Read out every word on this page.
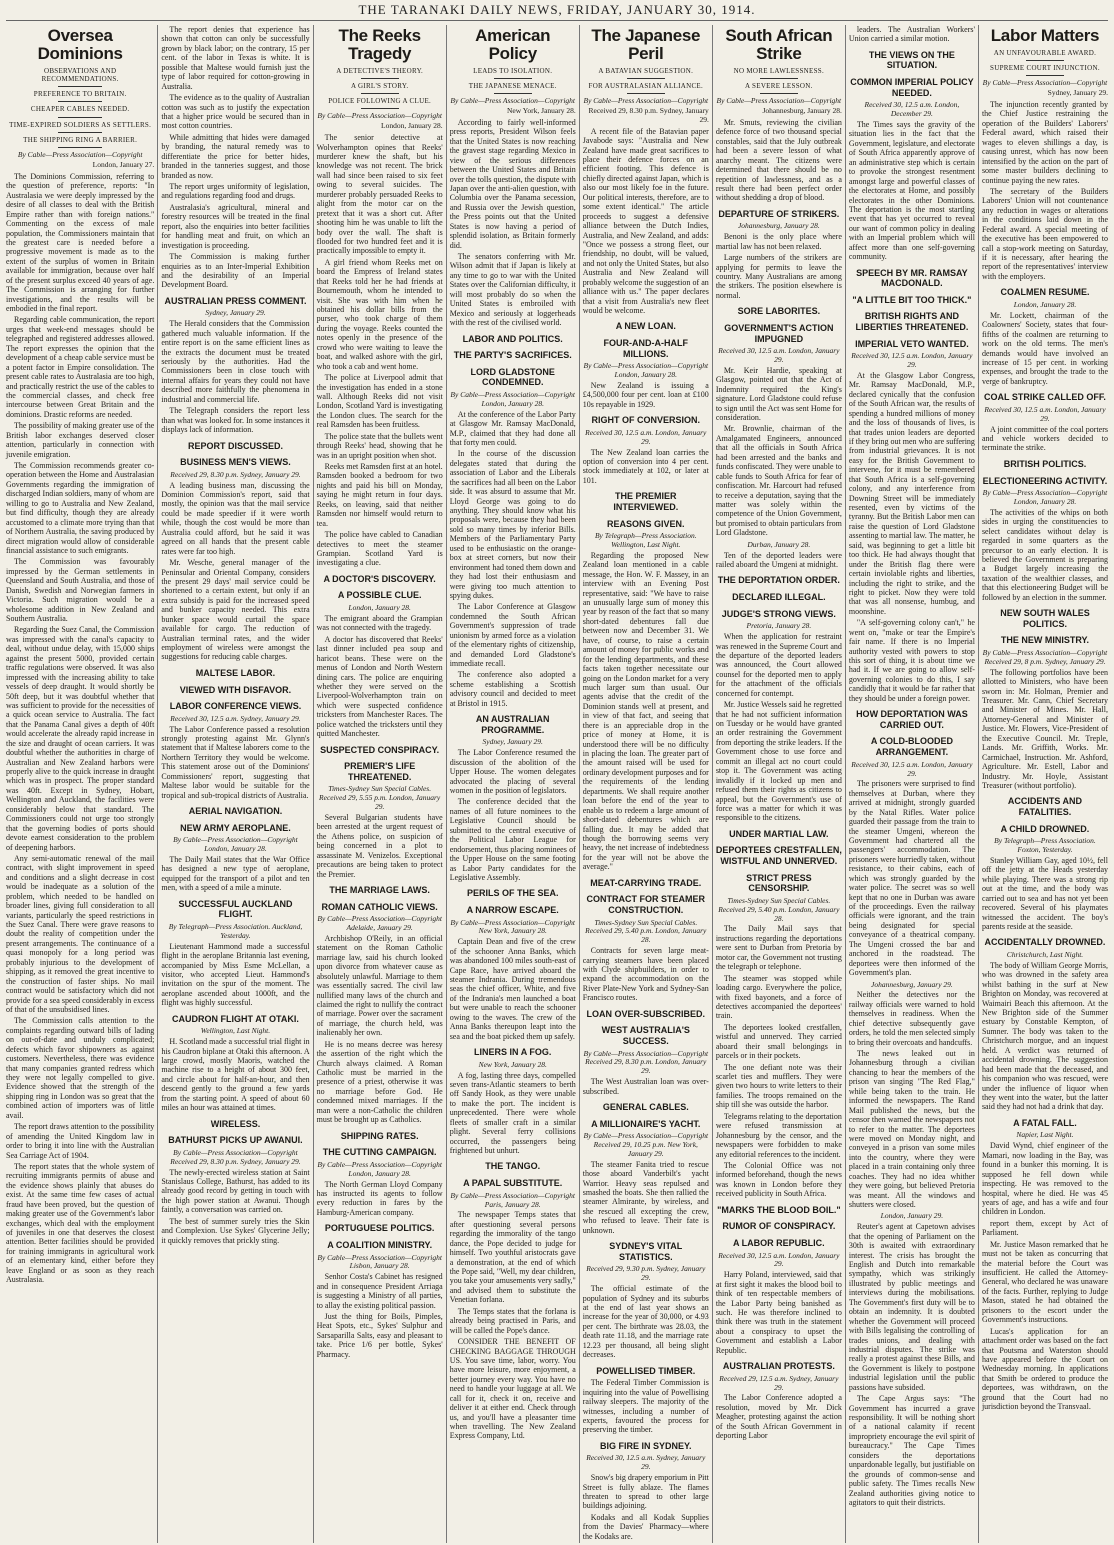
THE TARANAKI DAILY NEWS, FRIDAY, JANUARY 30, 1914.
Oversea Dominions
OBSERVATIONS AND RECOMMENDATIONS.
PREFERENCE TO BRITAIN.
CHEAPER CABLES NEEDED.
TIME-EXPIRED SOLDIERS AS SETTLERS.
THE SHIPPING RING A BARRIER.
By Cable—Press Association—Copyright
London, January 27.

The Dominions Commission, referring to the question of preference, reports: "In Australasia we were deeply impressed by the desire of all classes to deal with the British Empire rather than with foreign nations." Commenting on the excess of male population, the Commissioners maintain that the greatest care is needed before a progressive movement is made as to the extent of the surplus of women in Britain available for immigration, because over half of the present surplus exceed 40 years of age. The Commission is arranging for further investigations, and the results will be embodied in the final report.

Regarding cable communication, the report urges that week-end messages should be telegraphed and registered addresses allowed. The report expresses the opinion that the development of a cheap cable service must be a potent factor in Empire consolidation. The present cable rates to Australasia are too high, and practically restrict the use of the cables to the commercial classes, and check free intercourse between Great Britain and the dominions. Drastic reforms are needed.

The possibility of making greater use of the British labor exchanges deserved closer attention, particularly in connection with juvenile emigration.

The Commission recommends greater co-operation between the Home and Australasian Governments regarding the immigration of discharged Indian soldiers, many of whom are willing to go to Australia and New Zealand, but find difficulty, though they are already accustomed to a climate more trying than that of Northern Australia, the saving produced by direct migration would allow of considerable financial assistance to such emigrants.

The Commission was favourably impressed by the German settlements in Queensland and South Australia, and those of Danish, Swedish and Norwegian farmers in Victoria. Such migration would be a wholesome addition in New Zealand and Southern Australia.

Regarding the Suez Canal, the Commission was impressed with the canal's capacity to deal, without undue delay, with 15,000 ships against the present 5000, provided certain traffic regulations were observed. It was also impressed with the increasing ability to take vessels of deep draught. It would shortly be 50ft deep, but it was doubtful whether that was sufficient to provide for the necessities of a quick ocean service to Australia. The fact that the Panama Canal gives a depth of 40ft would accelerate the already rapid increase in the size and draught of ocean carriers. It was doubtful whether the authorities in charge of Australian and New Zealand harbors were properly alive to the quick increase in draught which was in prospect. The proper standard was 40ft. Except in Sydney, Hobart, Wellington and Auckland, the facilities were considerably below that standard. The Commissioners could not urge too strongly that the governing bodies of ports should devote earnest consideration to the problem of deepening harbors.

Any semi-automatic renewal of the mail contract, with slight improvement in speed and conditions and a slight decrease in cost would be inadequate as a solution of the problem, which needed to be handled on broader lines, giving full consideration to all variants, particularly the speed restrictions in the Suez Canal. There were grave reasons to doubt the reality of competition under the present arrangements. The continuance of a quasi monopoly for a long period was probably injurious to the development of shipping, as it removed the great incentive to the construction of faster ships. No mail contract would be satisfactory which did not provide for a sea speed considerably in excess of that of the unsubsidised lines.

The Commission calls attention to the complaints regarding outward bills of lading on out-of-date and unduly complicated; defects which favor shipowners as against customers. Nevertheless, there was evidence that many companies granted redress which they were not legally compelled to give. Evidence showed that the strength of the shipping ring in London was so great that the combined action of importers was of little avail.

The report draws attention to the possibility of amending the United Kingdom law in order to bring it into line with the Australian Sea Carriage Act of 1904.

The report states that the whole system of recruiting immigrants permits of abuse and the evidence shows plainly that abuses do exist. At the same time few cases of actual fraud have been proved, but the question of making greater use of the Government's labor exchanges, which deal with the employment of juveniles in one that deserves the closest attention. Better facilities should be provided for training immigrants in agricultural work of an elementary kind, either before they leave England or as soon as they reach Australasia.

The report denies that experience has shown that cotton can only be successfully grown by black labor; on the contrary, 15 per cent. of the labor in Texas is white. It is possible that Maltese would furnish just the type of labor required for cotton-growing in Australia.

The evidence as to the quality of Australian cotton was such as to justify the expectation that a higher price would be secured than in most cotton countries.

While admitting that hides were damaged by branding, the natural remedy was to differentiate the price for better hides, branded in the tanneries suggest, and those branded as now.

The report urges uniformity of legislation, and regulations regarding food and drugs.

Australasia's agricultural, mineral and forestry resources will be treated in the final report, also the enquiries into better facilities for handling meat and fruit, on which an investigation is proceeding.

The Commission is making further enquiries as to an Inter-Imperial Exhibition and the desirability of an Imperial Development Board.

AUSTRALIAN PRESS COMMENT.
Sydney, January 29.

The Herald considers that the Commission gathered much valuable information. If the entire report is on the same efficient lines as the extracts the document must be treated seriously by the authorities. Had the Commissioners been in close touch with internal affairs for years they could not have described more faithfully the phenomena in industrial and commercial life.

The Telegraph considers the report less than what was looked for. In some instances it displays lack of information.

REPORT DISCUSSED.
BUSINESS MEN'S VIEWS.
Received 29, 8.30 p.m. Sydney, January 29.

A leading business man, discussing the Dominion Commission's report, said that mostly, the opinion was that the mail service could be made speedier if it were worth while, though the cost would be more than Australia could afford, but he said it was agreed on all hands that the present cable rates were far too high.

Mr. Wesche, general manager of the Peninsular and Oriental Company, considers the present 29 days' mail service could be shortened to a certain extent, but only if an extra subsidy is paid for the increased speed and bunker capacity needed. This extra bunker space would curtail the space available for cargo. The reduction of Australian terminal rates, and the wider employment of wireless were amongst the suggestions for reducing cable charges.

MALTESE LABOR.
VIEWED WITH DISFAVOR.
LABOR CONFERENCE VIEWS.
Received 30, 12.5 a.m. Sydney, January 29.

The Labor Conference passed a resolution strongly protesting against Mr. Glynn's statement that if Maltese laborers come to the Northern Territory they would be welcome. This statement arose out of the Dominions' Commissioners' report, suggesting that Maltese labor would be suitable for the tropical and sub-tropical districts of Australia.

AERIAL NAVIGATION.
NEW ARMY AEROPLANE.
By Cable—Press Association—Copyright London, January 28.

The Daily Mail states that the War Office has designed a new type of aeroplane, equipped for the transport of a pilot and ten men, with a speed of a mile a minute.

SUCCESSFUL AUCKLAND FLIGHT.
By Telegraph—Press Association. Auckland, Yesterday.

Lieutenant Hammond made a successful flight in the aeroplane Britannia last evening, accompanied by Miss Esme McLellan, a visitor, who accepted Lieut. Hammond's invitation on the spur of the moment. The aeroplane ascended about 1000ft, and the flight was highly successful.

CAUDRON FLIGHT AT OTAKI.
Wellington, Last Night.

H. Scotland made a successful trial flight in his Caudron biplane at Otaki this afternoon. A large crowd, mostly Maoris, watched the machine rise to a height of about 300 feet, and circle about for half-an-hour, and then descend gently to the ground a few yards from the starting point. A speed of about 60 miles an hour was attained at times.

WIRELESS.
BATHURST PICKS UP AWANUI.
By Cable—Press Association—Copyright Received 29, 8.30 p.m. Sydney, January 29.

The newly-erected wireless station at Saint Stanislaus College, Bathurst, has added to its already good record by getting in touch with the high power station at Awanui. Though faintly, a conversation was carried on.

The best of summer surely tries the Skin and Complexion. Use Sykes' Glycerine Jelly; it quickly removes that prickly sting.

The Reeks Tragedy
A DETECTIVE'S THEORY.
A GIRL'S STORY.
POLICE FOLLOWING A CLUE.
By Cable—Press Association—Copyright
London, January 28.

The senior detective at Wolverhampton opines that Reeks' murderer knew the shaft, but his knowledge was not recent. The brick wall had since been raised to six feet owing to several suicides. The murderer probably persuaded Reeks to alight from the motor car on the pretext that it was a short cut. After shooting him he was unable to lift the body over the wall. The shaft is flooded for two hundred feet and it is practically impossible to empty it.

A girl friend whom Reeks met on board the Empress of Ireland states that Reeks told her he had friends at Bournemouth, whom he intended to visit. She was with him when he obtained his dollar bills from the purser, who took charge of them during the voyage. Reeks counted the notes openly in the presence of the crowd who were waiting to leave the boat, and walked ashore with the girl, who took a cab and went home.

The police at Liverpool admit that the investigation has ended in a stone wall. Although Reeks did not visit London, Scotland Yard is investigating the London clues. The search for the real Ramsden has been fruitless.

The police state that the bullets went through Reeks' head, showing that he was in an upright position when shot.

Reeks met Ramsden first at an hotel. Ramsden booked a bedroom for two nights and paid his bill on Monday, saying he might return in four days. Reeks, on leaving, said that neither Ramsden nor himself would return to tea.

The police have cabled to Canadian detectives to meet the steamer Grampian. Scotland Yard is investigating a clue.

A DOCTOR'S DISCOVERY.
A POSSIBLE CLUE.
London, January 28.

The emigrant aboard the Grampian was not connected with the tragedy.

A doctor has discovered that Reeks' last dinner included pea soup and haricot beans. These were on the menus of London and North Western dining cars. The police are enquiring whether they were served on the Liverpool-Wolverhampton train on which were suspected confidence tricksters from Manchester Races. The police watched the tricksters until they quitted Manchester.

SUSPECTED CONSPIRACY.
PREMIER'S LIFE THREATENED.
Times-Sydney Sun Special Cables. Received 29, 5.55 p.m. London, January 29.

Several Bulgarian students have been arrested at the urgent request of the Athens police, on suspicion of being concerned in a plot to assassinate M. Venizelos. Exceptional precautions are being taken to protect the Premier.

THE MARRIAGE LAWS.
ROMAN CATHOLIC VIEWS.
By Cable—Press Association—Copyright Adelaide, January 29.

Archbishop O'Reily, in an official statement on the Roman Catholic marriage law, said his church looked upon divorce from whatever cause as absolutely unlawful. Marriage to them was essentially sacred. The civil law nullified many laws of the church and claimed the right to nullify the contract of marriage. Power over the sacrament of marriage, the church held, was inalienably her own.

He is no means decree was heresy the assertion of the right which the Church always claimed. A Roman Catholic must be married in the presence of a priest, otherwise it was no marriage before God. He condemned mixed marriages. If the man were a non-Catholic the children must be brought up as Catholics.

SHIPPING RATES.
THE CUTTING CAMPAIGN.
By Cable—Press Association—Copyright London, January 28.

The North German Lloyd Company has instructed its agents to follow every reduction in fares by the Hamburg-American company.

PORTUGUESE POLITICS.
A COALITION MINISTRY.
By Cable—Press Association—Copyright Lisbon, January 28.

Senhor Costa's Cabinet has resigned and in consequence President Arriaga is suggesting a Ministry of all parties, to allay the existing political passion.

Just the thing for Boils, Pimples, Heat Spots, etc., Sykes' Sulphur and Sarsaparilla Salts, easy and pleasant to take. Price 1/6 per bottle, Sykes' Pharmacy.

American Policy
LEADS TO ISOLATION.
THE JAPANESE MENACE.
By Cable—Press Association—Copyright
New York, January 28.

According to fairly well-informed press reports, President Wilson feels that the United States is now reaching the gravest stage regarding Mexico in view of the serious differences between the United States and Britain over the tolls question, the dispute with Japan over the anti-alien question, with Columbia over the Panama secession, and Russia over the Jewish question, the Press points out that the United States is now having a period of splendid isolation, as Britain formerly did.

The senators conferring with Mr. Wilson admit that if Japan is likely at any time to go to war with the United States over the Californian difficulty, it will most probably do so when the United States is embroiled with Mexico and seriously at loggerheads with the rest of the civilised world.

LABOR AND POLITICS.
THE PARTY'S SACRIFICES.
LORD GLADSTONE CONDEMNED.
By Cable—Press Association—Copyright London, January 28.

At the conference of the Labor Party at Glasgow Mr. Ramsay MacDonald, M.P., claimed that they had done all that forty men could.

In the course of the discussion delegates stated that during the association of Labor and the Liberals the sacrifices had all been on the Labor side. It was absurd to assume that Mr. Lloyd George was going to do anything. They should know what his proposals were, because they had been sold so many times by inferior Bills. Members of the Parliamentary Party used to be enthusiastic on the orange-box at street corners, but now their environment had toned them down and they had lost their enthusiasm and were giving too much attention to spying dukes.

The Labor Conference at Glasgow condemned the South African Government's suppression of trade unionism by armed force as a violation of the elementary rights of citizenship, and demanded Lord Gladstone's immediate recall.

The conference also adopted a scheme establishing a Scottish advisory council and decided to meet at Bristol in 1915.

AN AUSTRALIAN PROGRAMME.
Sydney, January 29.

The Labor Conference resumed the discussion of the abolition of the Upper House. The women delegates advocated the placing of several women in the position of legislators.

The conference decided that the names of all future nominees to the Legislative Council should be submitted to the central executive of the Political Labor League for endorsement, thus placing nominees of the Upper House on the same footing as Labor Party candidates for the Legislative Assembly.

PERILS OF THE SEA.
A NARROW ESCAPE.
By Cable—Press Association—Copyright New York, January 28.

Captain Dean and five of the crew of the schooner Anna Banks, which was abandoned 100 miles south-east of Cape Race, have arrived aboard the steamer Indrania. During tremendous seas the chief officer, White, and five of the Indrania's men launched a boat but were unable to reach the schooner owing to the waves. The crew of the Anna Banks thereupon leapt into the sea and the boat picked them up safely.

LINERS IN A FOG.
New York, January 28.

A fog, lasting three days, compelled seven trans-Atlantic steamers to berth off Sandy Hook, as they were unable to make the port. The incident is unprecedented. There were whole fleets of smaller craft in a similar plight. Several ferry collisions occurred, the passengers being frightened but unhurt.

THE TANGO.
A PAPAL SUBSTITUTE.
By Cable—Press Association—Copyright Paris, January 28.

The newspaper Temps states that after questioning several persons regarding the immorality of the tango dance, the Pope decided to judge for himself. Two youthful aristocrats gave a demonstration, at the end of which the Pope said, "Well, my dear children, you take your amusements very sadly," and advised them to substitute the Venetian forlana.

The Temps states that the forlana is already being practised in Paris, and will be called the Pope's dance.

CONSIDER THE BENEFIT OF CHECKING BAGGAGE THROUGH US. You save time, labor, worry. You have more leisure, more enjoyment, a better journey every way. You have no need to handle your luggage at all. We call for it, check it on, receive and deliver it at either end. Check through us, and you'll have a pleasanter time when travelling. The New Zealand Express Company, Ltd.

The Japanese Peril
A BATAVIAN SUGGESTION.
FOR AUSTRALASIAN ALLIANCE.
By Cable—Press Association—Copyright
Received 29, 8.30 p.m. Sydney, January 29.

A recent file of the Batavian paper Javabode says: "Australia and New Zealand have made great sacrifices to place their defence forces on an efficient footing. This defence is chiefly directed against Japan, which is also our most likely foe in the future. Our political interests, therefore, are to some extent identical." The article proceeds to suggest a defensive alliance between the Dutch Indies, Australia, and New Zealand, and adds: "Once we possess a strong fleet, our friendship, no doubt, will be valued, and not only the United States, but also Australia and New Zealand will probably welcome the suggestion of an alliance with us." The paper declares that a visit from Australia's new fleet would be welcome.

A NEW LOAN.
FOUR-AND-A-HALF MILLIONS.
By Cable—Press Association—Copyright London, January 28.

New Zealand is issuing a £4,500,000 four per cent. loan at £100 10s repayable in 1929.

RIGHT OF CONVERSION.
Received 30, 12.5 a.m. London, January 29.

The New Zealand loan carries the option of conversion into 4 per cent. stock immediately at 102, or later at 101.

THE PREMIER INTERVIEWED.
REASONS GIVEN.
By Telegraph—Press Association. Wellington, Last Night.

Regarding the proposed New Zealand loan mentioned in a cable message, the Hon. W. F. Massey, in an interview with an Evening Post representative, said: "We have to raise an unusually large sum of money this year by reason of the fact that so many short-dated debentures fall due between now and December 31. We have, of course, to raise a certain amount of money for public works and for the lending departments, and these facts taken together necessitate our going on the London market for a very much larger sum than usual. Our agents advise that the credit of the Dominion stands well at present, and in view of that fact, and seeing that there is an appreciable drop in the price of money at Home, it is understood there will be no difficulty in placing the loan. The greater part of the amount raised will be used for ordinary development purposes and for the requirements of the lending departments. We shall require another loan before the end of the year to enable us to redeem a large amount of short-dated debentures which are falling due. It may be added that though the borrowing seems very heavy, the net increase of indebtedness for the year will not be above the average."

MEAT-CARRYING TRADE.
CONTRACT FOR STEAMER CONSTRUCTION.
Times-Sydney Sun Special Cables. Received 29, 5.40 p.m. London, January 28.

Contracts for seven large meat-carrying steamers have been placed with Clyde shipbuilders, in order to expand the accommodation on the River Plate-New York and Sydney-San Francisco routes.

LOAN OVER-SUBSCRIBED.
WEST AUSTRALIA'S SUCCESS.
By Cable—Press Association—Copyright Received 29, 8.30 p.m. London, January 29.

The West Australian loan was over-subscribed.

GENERAL CABLES.
A MILLIONAIRE'S YACHT.
By Cable—Press Association—Copyright Received 29, 10.25 p.m. New York, January 29.

The steamer Fanita tried to rescue those aboard Vanderbilt's yacht Warrior. Heavy seas repulsed and smashed the boats. She then rallied the steamer Almirante, by wireless, and she rescued all excepting the crew, who refused to leave. Their fate is unknown.

SYDNEY'S VITAL STATISTICS.
Received 29, 9.30 p.m. Sydney, January 29.

The official estimate of the population of Sydney and its suburbs at the end of last year shows an increase for the year of 30,000, or 4.93 per cent. The birthrate was 28.03, the death rate 11.18, and the marriage rate 12.23 per thousand, all being slight decreases.

POWELLISED TIMBER.

The Federal Timber Commission is inquiring into the value of Powellising railway sleepers. The majority of the witnesses, including a number of experts, favoured the process for preserving the timber.

BIG FIRE IN SYDNEY.
Received 30, 12.5 a.m. Sydney, January 29.

Snow's big drapery emporium in Pitt Street is fully ablaze. The flames threaten to spread to other large buildings adjoining.

Kodaks and all Kodak Supplies from the Davies' Pharmacy—where the Kodaks are.

South African Strike
NO MORE LAWLESSNESS.
A SEVERE LESSON.
By Cable—Press Association—Copyright
Johannesburg, January 28.

Mr. Smuts, reviewing the civilian defence force of two thousand special constables, said that the July outbreak had been a severe lesson of what anarchy meant. The citizens were determined that there should be no repetition of lawlessness, and as a result there had been perfect order without shedding a drop of blood.

DEPARTURE OF STRIKERS.
Johannesburg, January 28.

Benoni is the only place where martial law has not been relaxed.

Large numbers of the strikers are applying for permits to leave the country. Many Australians are among the strikers. The position elsewhere is normal.

SORE LABORITES.
GOVERNMENT'S ACTION IMPUGNED
Received 30, 12.5 a.m. London, January 29.

Mr. Keir Hardie, speaking at Glasgow, pointed out that the Act of Indemnity required the King's signature. Lord Gladstone could refuse to sign until the Act was sent Home for consideration.

Mr. Brownlie, chairman of the Amalgamated Engineers, announced that all the officials in South Africa had been arrested and the banks and funds confiscated. They were unable to cable funds to South Africa for fear of confiscation. Mr. Harcourt had refused to receive a deputation, saying that the matter was solely within the competence of the Union Government, but promised to obtain particulars from Lord Gladstone.

Durban, January 28.

Ten of the deported leaders were railed aboard the Umgeni at midnight.

THE DEPORTATION ORDER.
DECLARED ILLEGAL.
JUDGE'S STRONG VIEWS.
Pretoria, January 28.

When the application for restraint was renewed in the Supreme Court and the departure of the deported leaders was announced, the Court allowed counsel for the deported men to apply for the attachment of the officials concerned for contempt.

Mr. Justice Wessels said he regretted that he had not sufficient information on Tuesday or he would have granted an order restraining the Government from deporting the strike leaders. If the Government chose to use force and commit an illegal act no court could stop it. The Government was acting invalidly if it locked up men and refused them their rights as citizens to appeal, but the Government's use of force was a matter for which it was responsible to the citizens.

UNDER MARTIAL LAW.
DEPORTEES CRESTFALLEN, WISTFUL AND UNNERVED.
STRICT PRESS CENSORSHIP.
Times-Sydney Sun Special Cables. Received 29, 5.40 p.m. London, January 28.

The Daily Mail says that instructions regarding the deportations were sent to Durban from Pretoria by motor car, the Government not trusting the telegraph or telephone.

The steamer was stopped while loading cargo. Everywhere the police, with fixed bayonets, and a force of detectives accompanied the deportees' train.

The deportees looked crestfallen, wistful and unnerved. They carried aboard their small belongings in parcels or in their pockets.

The one defiant note was their scarlet ties and mufflers. They were given two hours to write letters to their families. The troops remained on the ship till she was outside the harbor.

Telegrams relating to the deportation were refused transmission at Johannesburg by the censor, and the newspapers were forbidden to make any editorial references to the incident.

The Colonial Office was not informed beforehand, though the news was known in London before they received publicity in South Africa.

"MARKS THE BLOOD BOIL."
RUMOR OF CONSPIRACY.
A LABOR REPUBLIC.
Received 30, 12.5 a.m. London, January 29.

Harry Poland, interviewed, said that at first sight it makes the blood boil to think of ten respectable members of the Labor Party being banished as such. He was therefore inclined to think there was truth in the statement about a conspiracy to upset the Government and establish a Labor Republic.

AUSTRALIAN PROTESTS.
Received 29, 12.5 a.m. Sydney, January 29.

The Labor Conference adopted a resolution, moved by Mr. Dick Meagher, protesting against the action of the South African Government in deporting Labor

leaders. The Australian Workers' Union carried a similar motion.

THE VIEWS ON THE SITUATION.
COMMON IMPERIAL POLICY NEEDED.
Received 30, 12.5 a.m. London, December 29.

The Times says the gravity of the situation lies in the fact that the Government, legislature, and electorate of South Africa apparently approve of an administrative step which is certain to provoke the strongest resentment amongst large and powerful classes of the electorates at Home, and possibly electorates in the other Dominions. The deportation is the most startling event that has yet occurred to reveal our want of common policy in dealing with an Imperial problem which will affect more than one self-governing community.

SPEECH BY MR. RAMSAY MACDONALD.
"A LITTLE BIT TOO THICK."
BRITISH RIGHTS AND LIBERTIES THREATENED.
IMPERIAL VETO WANTED.
Received 30, 12.5 a.m. London, January 29.

At the Glasgow Labor Congress, Mr. Ramsay MacDonald, M.P., declared cynically that the confusion of the South African war, the results of spending a hundred millions of money and the loss of thousands of lives, is that trades union leaders are deported if they bring out men who are suffering from industrial grievances. It is not easy for the British Government to intervene, for it must be remembered that South Africa is a self-governing colony, and any interference from Downing Street will be immediately resented, even by victims of the tyranny. But the British Labor men can raise the question of Lord Gladstone assenting to martial law. The matter, he said, was beginning to get a little bit too thick. He had always thought that under the British flag there were certain inviolable rights and liberties, including the right to strike, and the right to picket. Now they were told that was all nonsense, humbug, and moonshine.

"A self-governing colony can't," he went on, "make or tear the Empire's fair name. If there is no Imperial authority vested with powers to stop this sort of thing, it is about time we had it. If we are going to allow self-governing colonies to do this, I say candidly that it would be far rather that they should be under a foreign power.

HOW DEPORTATION WAS CARRIED OUT.
A COLD-BLOODED ARRANGEMENT.
Received 30, 12.5 a.m. London, January 29.

The prisoners were surprised to find themselves at Durban, where they arrived at midnight, strongly guarded by the Natal Rifles. Water police guarded their passage from the train to the steamer Umgeni, whereon the Government had chartered all the passengers' accommodation. The prisoners were hurriedly taken, without resistance, to their cabins, each of which was strongly guarded by the water police. The secret was so well kept that no one in Durban was aware of the proceedings. Even the railway officials were ignorant, and the train being designated for special conveyance of a theatrical company. The Umgeni crossed the bar and anchored in the roadstead. The deportees were then informed of the Government's plan.

Johannesburg, January 29.

Neither the detectives nor the railway officials were warned to hold themselves in readiness. When the chief detective subsequently gave orders, he told the men selected simply to bring their overcoats and handcuffs.

The news leaked out in Johannesburg through a civilian chancing to hear the members of the prison van singing "The Red Flag," while being taken to the train. He informed the newspapers. The Rand Mail published the news, but the censor then warned the newspapers not to refer to the matter. The deportees were moved on Monday night, and conveyed in a prison van some miles into the country, where they were placed in a train containing only three coaches. They had no idea whither they were going, but believed Pretoria was meant. All the windows and shutters were closed.

London, January 29.

Reuter's agent at Capetown advises that the opening of Parliament on the 30th is awaited with extraordinary interest. The crisis has brought the English and Dutch into remarkable sympathy, which was strikingly illustrated by public meetings and interviews during the mobilisations. The Government's first duty will be to obtain an indemnity. It is doubted whether the Government will proceed with Bills legalising the controlling of trades unions, and dealing with industrial disputes. The strike was really a protest against these Bills, and the Government is likely to postpone industrial legislation until the public passions have subsided.

The Cape Argus says: "The Government has incurred a grave responsibility. It will be nothing short of a national calamity if recent impropriety encourage the evil spirit of bureaucracy." The Cape Times considers the deportations unpardonable legally, but justifiable on the grounds of common-sense and public safety. The Times recalls New Zealand authorities giving notice to agitators to quit their districts.

Labor Matters
AN UNFAVOURABLE AWARD.
SUPREME COURT INJUNCTION.
By Cable—Press Association—Copyright
Sydney, January 29.

The injunction recently granted by the Chief Justice restraining the operation of the Builders' Laborers' Federal award, which raised their wages to eleven shillings a day, is causing unrest, which has now been intensified by the action on the part of some master builders declining to continue paying the new rates.

The secretary of the Builders Laborers' Union will not countenance any reduction in wages or alterations in the conditions laid down in the Federal award. A special meeting of the executive has been empowered to call a stop-work meeting on Saturday, if it is necessary, after hearing the report of the representatives' interview with the employers.

COALMEN RESUME.
London, January 28.

Mr. Lockett, chairman of the Coalowners' Society, states that four-fifths of the coalmen are returning to work on the old terms. The men's demands would have involved an increase of 15 per cent. in working expenses, and brought the trade to the verge of bankruptcy.

COAL STRIKE CALLED OFF.
Received 30, 12.5 a.m. London, January 29.

A joint committee of the coal porters and vehicle workers decided to terminate the strike.

BRITISH POLITICS.
ELECTIONEERING ACTIVITY.
By Cable—Press Association—Copyright London, January 28.

The activities of the whips on both sides in urging the constituencies to select candidates without delay is regarded in some quarters as the precursor to an early election. It is believed the Government is preparing a Budget largely increasing the taxation of the wealthier classes, and that this electioneering Budget will be followed by an election in the summer.

NEW SOUTH WALES POLITICS.
THE NEW MINISTRY.
By Cable—Press Association—Copyright Received 29, 8 p.m. Sydney, January 29.

The following portfolios have been allotted to Ministers, who have been sworn in: Mr. Holman, Premier and Treasurer. Mr. Cann, Chief Secretary and Minister of Mines. Mr. Hall, Attorney-General and Minister of Justice. Mr. Flowers, Vice-President of the Executive Council. Mr. Treple, Lands. Mr. Griffith, Works. Mr. Carmichael, Instruction. Mr. Ashford, Agriculture. Mr. Estell, Labor and Industry. Mr. Hoyle, Assistant Treasurer (without portfolio).

ACCIDENTS AND FATALITIES.
A CHILD DROWNED.
By Telegraph—Press Association. Foxton, Yesterday.

Stanley William Gay, aged 10½, fell off the jetty at the Heads yesterday while playing. There was a strong rip out at the time, and the body was carried out to sea and has not yet been recovered. Several of his playmates witnessed the accident. The boy's parents reside at the seaside.

ACCIDENTALLY DROWNED.
Christchurch, Last Night.

The body of William George Morris, who was drowned in the safety area whilst bathing in the surf at New Brighton on Monday, was recovered at Waimairi Beach this afternoon. At the New Brighton side of the Summer estuary by Constable Kempton, of Sumner. The body was taken to the Christchurch morgue, and an inquest held. A verdict was returned of accidental drowning. The suggestion had been made that the deceased, and his companion who was rescued, were under the influence of liquor when they went into the water, but the latter said they had not had a drink that day.

A FATAL FALL.
Napier, Last Night.

David Wynd, chief engineer of the Mamari, now loading in the Bay, was found in a bunker this morning. It is supposed he fell down while inspecting. He was removed to the hospital, where he died. He was 45 years of age, and has a wife and four children in London.

report them, except by Act of Parliament.

Mr. Justice Mason remarked that he must not be taken as concurring that the material before the Court was insufficient. He called the Attorney-General, who declared he was unaware of the facts. Further, replying to Judge Mason, stated he had obtained the prisoners to the escort under the Government's instructions.

Lucas's application for an attachment order was based on the fact that Poutsma and Waterston should have appeared before the Court on Wednesday morning. In applications that Smith be ordered to produce the deportees, was withdrawn, on the ground that the Court had no jurisdiction beyond the Transvaal.
